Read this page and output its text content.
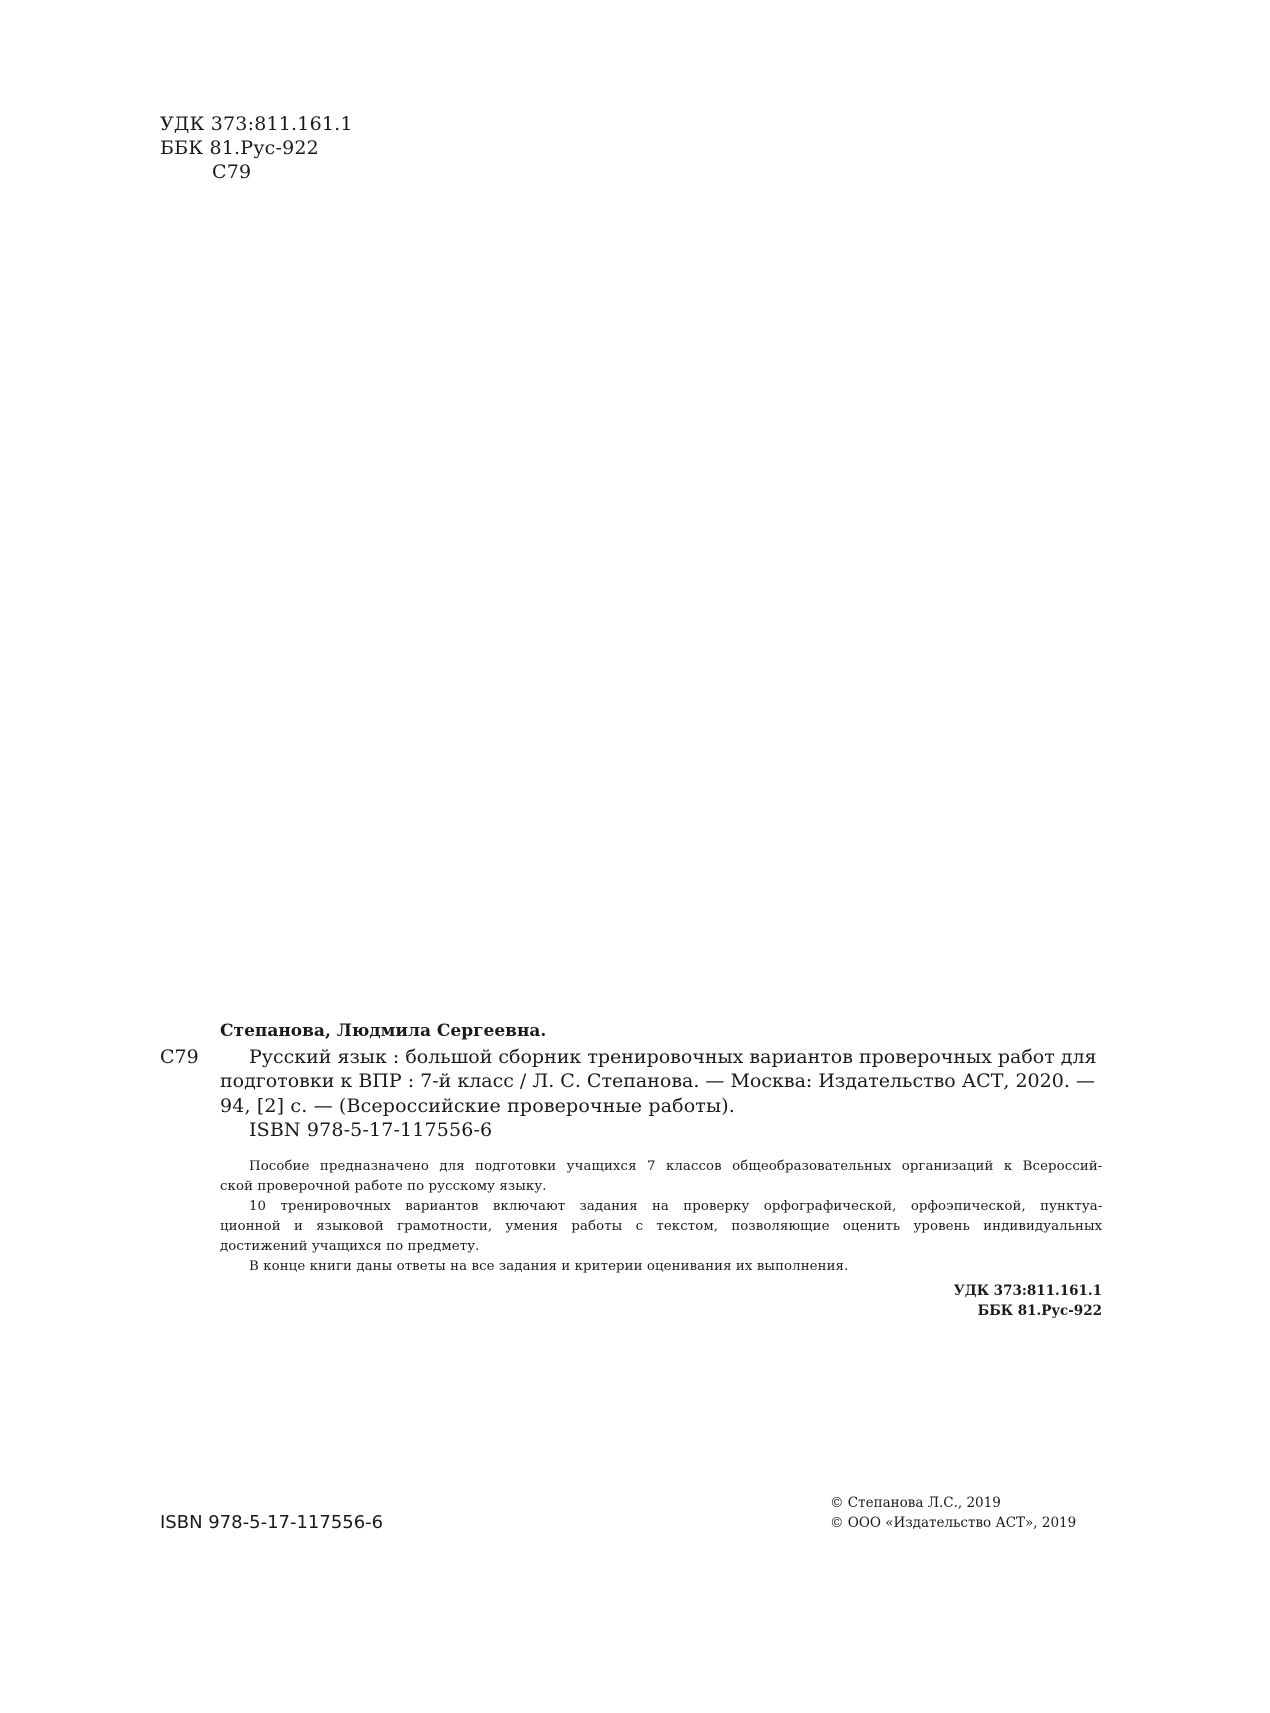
УДК 373:811.161.1
ББК 81.Рус-922
С79
Степанова, Людмила Сергеевна.
С79	Русский язык : большой сборник тренировочных вариантов проверочных работ для
подготовки к ВПР : 7-й класс / Л. С. Степанова. — Москва: Издательство АСТ, 2020. —
94, [2] с. — (Всероссийские проверочные работы).
ISBN 978-5-17-117556-6
Пособие предназначено для подготовки учащихся 7 классов общеобразовательных организаций к Всероссий-
ской проверочной работе по русскому языку.
10 тренировочных вариантов включают задания на проверку орфографической, орфоэпической, пунктуа-
ционной и языковой грамотности, умения работы с текстом, позволяющие оценить уровень индивидуальных
достижений учащихся по предмету.
В конце книги даны ответы на все задания и критерии оценивания их выполнения.
УДК 373:811.161.1
ББК 81.Рус-922
ISBN 978-5-17-117556-6
© Степанова Л.С., 2019
© ООО «Издательство АСТ», 2019
